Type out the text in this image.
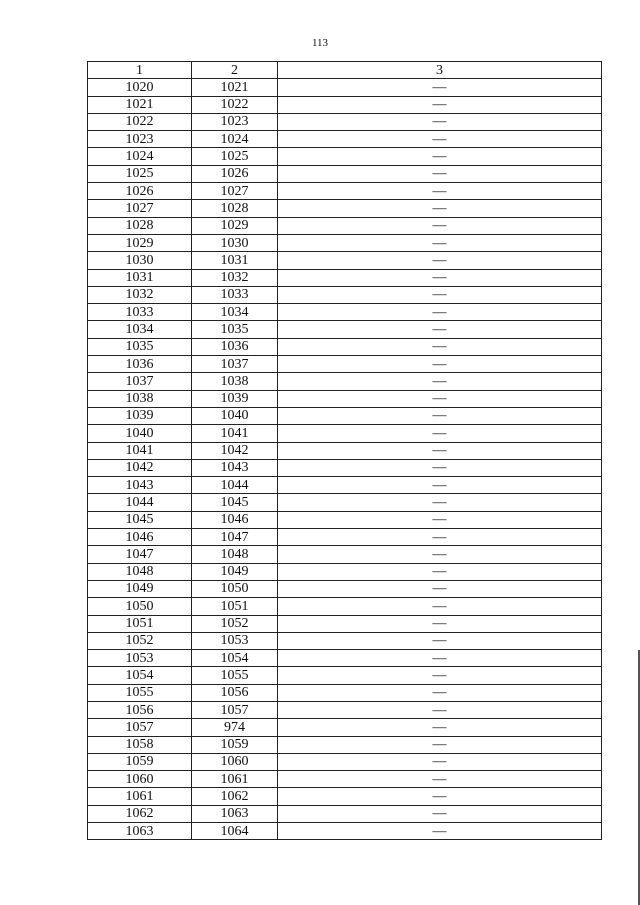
113
1	2	3
1020	1021	—
1021	1022	—
1022	1023	—
1023	1024	—
1024	1025	—
1025	1026	—
1026	1027	—
1027	1028	—
1028	1029	—
1029	1030	—
1030	1031	—
1031	1032	—
1032	1033	—
1033	1034	—
1034	1035	—
1035	1036	—
1036	1037	—
1037	1038	—
1038	1039	—
1039	1040	—
1040	1041	—
1041	1042	—
1042	1043	—
1043	1044	—
1044	1045	—
1045	1046	—
1046	1047	—
1047	1048	—
1048	1049	—
1049	1050	—
1050	1051	—
1051	1052	—
1052	1053	—
1053	1054	—
1054	1055	—
1055	1056	—
1056	1057	—
1057	974	—
1058	1059	—
1059	1060	—
1060	1061	—
1061	1062	—
1062	1063	—
1063	1064	—
